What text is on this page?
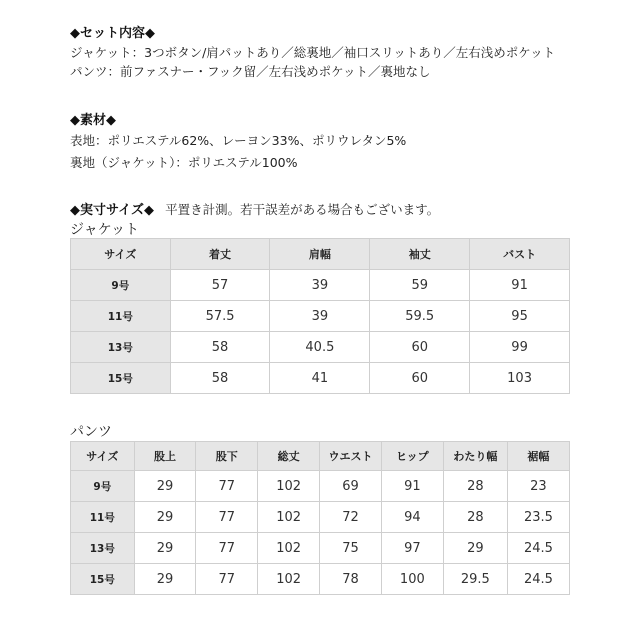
◆セット内容◆
ジャケット：3つボタン/肩パットあり／総裏地／袖口スリットあり／左右浅めポケット
パンツ：前ファスナー・フック留／左右浅めポケット／裏地なし
◆素材◆
表地：ポリエステル62%、レーヨン33%、ポリウレタン5%
裏地（ジャケット）：ポリエステル100%
◆実寸サイズ◆ 平置き計測。若干誤差がある場合もございます。
ジャケット
サイズ	着丈	肩幅	袖丈	バスト
9号	57	39	59	91
11号	57.5	39	59.5	95
13号	58	40.5	60	99
15号	58	41	60	103
パンツ
サイズ	股上	股下	総丈	ウエスト	ヒップ	わたり幅	裾幅
9号	29	77	102	69	91	28	23
11号	29	77	102	72	94	28	23.5
13号	29	77	102	75	97	29	24.5
15号	29	77	102	78	100	29.5	24.5
